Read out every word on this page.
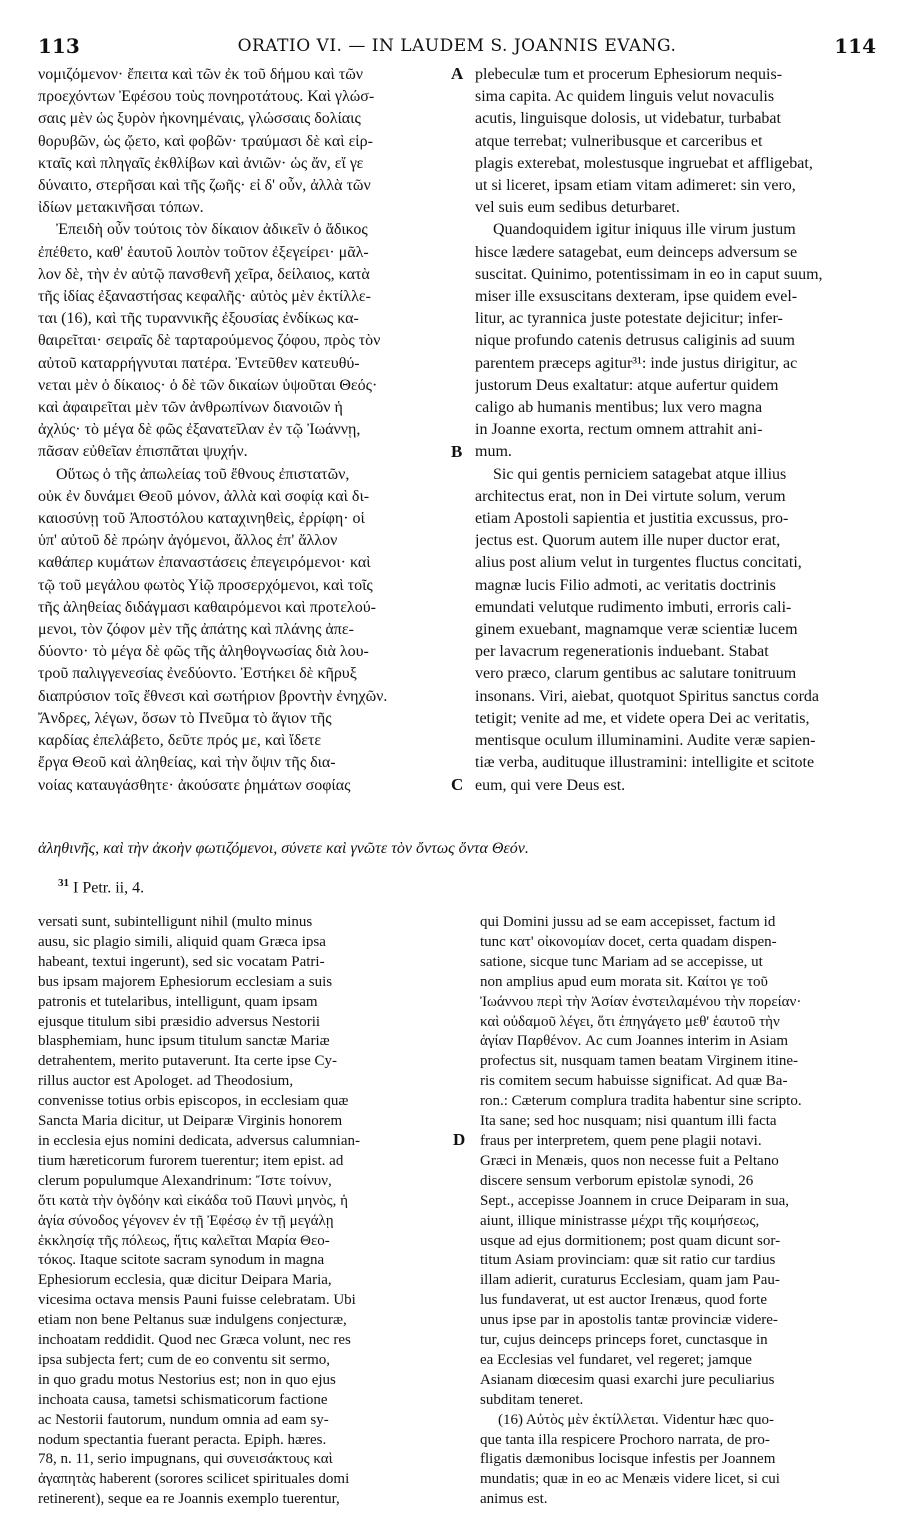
113	ORATIO VI. — IN LAUDEM S. JOANNIS EVANG.	114
νομιζόμενον· ἔπειτα καὶ τῶν ἐκ τοῦ δήμου καὶ τῶν
προεχόντων Ἐφέσου τοὺς πονηροτάτους. Καὶ γλώσ-
σαις μὲν ὡς ξυρὸν ἠκονημέναις, γλώσσαις δολίαις
θορυβῶν, ὡς ᾤετο, καὶ φοβῶν· τραύμασι δὲ καὶ εἱρ-
κταῖς καὶ πληγαῖς ἐκθλίβων καὶ ἀνιῶν· ὡς ἄν, εἴ γε
δύναιτο, στερῆσαι καὶ τῆς ζωῆς· εἰ δ' οὖν, ἀλλὰ τῶν
ἰδίων μετακινῆσαι τόπων.
Ἐπειδὴ οὖν τούτοις τὸν δίκαιον ἀδικεῖν ὁ ἄδικος
ἐπέθετο, καθ' ἑαυτοῦ λοιπὸν τοῦτον ἐξεγείρει· μᾶλ-
λον δὲ, τὴν ἐν αὐτῷ πανσθενῆ χεῖρα, δείλαιος, κατὰ
τῆς ἰδίας ἐξαναστήσας κεφαλῆς· αὐτὸς μὲν ἐκτίλλε-
ται (16), καὶ τῆς τυραννικῆς ἐξουσίας ἐνδίκως κα-
θαιρεῖται· σειραῖς δὲ ταρταρούμενος ζόφου, πρὸς τὸν
αὐτοῦ καταρρήγνυται πατέρα. Ἐντεῦθεν κατευθύ-
νεται μὲν ὁ δίκαιος· ὁ δὲ τῶν δικαίων ὑψοῦται Θεός·
καὶ ἀφαιρεῖται μὲν τῶν ἀνθρωπίνων διανοιῶν ἡ
ἀχλύς· τὸ μέγα δὲ φῶς ἐξανατεῖλαν ἐν τῷ Ἰωάννῃ,
πᾶσαν εὐθεῖαν ἐπισπᾶται ψυχήν.
Οὕτως ὁ τῆς ἀπωλείας τοῦ ἔθνους ἐπιστατῶν,
οὐκ ἐν δυνάμει Θεοῦ μόνον, ἀλλὰ καὶ σοφίᾳ καὶ δι-
καιοσύνῃ τοῦ Ἀποστόλου καταχινηθεὶς, ἐρρίφη· οἱ
ὑπ' αὐτοῦ δὲ πρώην ἀγόμενοι, ἄλλος ἐπ' ἄλλον
καθάπερ κυμάτων ἐπαναστάσεις ἐπεγειρόμενοι· καὶ
τῷ τοῦ μεγάλου φωτὸς Υἱῷ προσερχόμενοι, καὶ τοῖς
τῆς ἀληθείας διδάγμασι καθαιρόμενοι καὶ προτελού-
μενοι, τὸν ζόφον μὲν τῆς ἀπάτης καὶ πλάνης ἀπε-
δύοντο· τὸ μέγα δὲ φῶς τῆς ἀληθογνωσίας διὰ λου-
τροῦ παλιγγενεσίας ἐνεδύοντο. Ἐστήκει δὲ κῆρυξ
διαπρύσιον τοῖς ἔθνεσι καὶ σωτήριον βροντὴν ἐνηχῶν.
Ἄνδρες, λέγων, ὅσων τὸ Πνεῦμα τὸ ἅγιον τῆς
καρδίας ἐπελάβετο, δεῦτε πρός με, καὶ ἴδετε
ἔργα Θεοῦ καὶ ἀληθείας, καὶ τὴν ὄψιν τῆς δια-
νοίας καταυγάσθητε· ἀκούσατε ῥημάτων σοφίας
plebeculæ tum et procerum Ephesiorum nequis-
sima capita. Ac quidem linguis velut novaculis
acutis, linguisque dolosis, ut videbatur, turbabat
atque terrebat; vulneribusque et carceribus et
plagis exterebat, molestusque ingruebat et affligebat,
ut si liceret, ipsam etiam vitam adimeret: sin vero,
vel suis eum sedibus deturbaret.
Quandoquidem igitur iniquus ille virum justum
hisce lædere satagebat, eum deinceps adversum se
suscitat. Quinimo, potentissimam in eo in caput suum,
miser ille exsuscitans dexteram, ipse quidem evel-
litur, ac tyrannica juste potestate dejicitur; infer-
nique profundo catenis detrusus caliginis ad suum
parentem præceps agitur³¹: inde justus dirigitur, ac
justorum Deus exaltatur: atque aufertur quidem
caligo ab humanis mentibus; lux vero magna
in Joanne exorta, rectum omnem attrahit ani-
mum.
Sic qui gentis perniciem satagebat atque illius
architectus erat, non in Dei virtute solum, verum
etiam Apostoli sapientia et justitia excussus, pro-
jectus est. Quorum autem ille nuper ductor erat,
alius post alium velut in turgentes fluctus concitati,
magnæ lucis Filio admoti, ac veritatis doctrinis
emundati velutque rudimento imbuti, erroris cali-
ginem exuebant, magnamque veræ scientiæ lucem
per lavacrum regenerationis induebant. Stabat
vero præco, clarum gentibus ac salutare tonitruum
insonans. Viri, aiebat, quotquot Spiritus sanctus corda
tetigit; venite ad me, et videte opera Dei ac veritatis,
mentisque oculum illuminamini. Audite veræ sapien-
tiæ verba, audituque illustramini: intelligite et scitote
eum, qui vere Deus est.
A
B
C
D
ἀληθινῆς, καὶ τὴν ἀκοὴν φωτιζόμενοι, σύνετε καὶ γνῶτε τὸν ὄντως ὄντα Θεόν.
$^{31}$ I Petr. ii, 4.
versati sunt, subintelligunt nihil (multo minus
ausu, sic plagio simili, aliquid quam Græca ipsa
habeant, textui ingerunt), sed sic vocatam Patri-
bus ipsam majorem Ephesiorum ecclesiam a suis
patronis et tutelaribus, intelligunt, quam ipsam
ejusque titulum sibi præsidio adversus Nestorii
blasphemiam, hunc ipsum titulum sanctæ Mariæ
detrahentem, merito putaverunt. Ita certe ipse Cy-
rillus auctor est Apologet. ad Theodosium,
convenisse totius orbis episcopos, in ecclesiam quæ
Sancta Maria dicitur, ut Deiparæ Virginis honorem
in ecclesia ejus nomini dedicata, adversus calumnian-
tium hæreticorum furorem tuerentur; item epist. ad
clerum populumque Alexandrinum: Ἴστε τοίνυν,
ὅτι κατὰ τὴν ὀγδόην καὶ εἰκάδα τοῦ Παυνὶ μηνὸς, ἡ
ἁγία σύνοδος γέγονεν ἐν τῇ Ἐφέσῳ ἐν τῇ μεγάλῃ
ἐκκλησίᾳ τῆς πόλεως, ἥτις καλεῖται Μαρία Θεο-
τόκος. Itaque scitote sacram synodum in magna
Ephesiorum ecclesia, quæ dicitur Deipara Maria,
vicesima octava mensis Pauni fuisse celebratam. Ubi
etiam non bene Peltanus suæ indulgens conjecturæ,
inchoatam reddidit. Quod nec Græca volunt, nec res
ipsa subjecta fert; cum de eo conventu sit sermo,
in quo gradu motus Nestorius est; non in quo ejus
inchoata causa, tametsi schismaticorum factione
ac Nestorii fautorum, nundum omnia ad eam sy-
nodum spectantia fuerant peracta. Epiph. hæres.
78, n. 11, serio impugnans, qui συνεισάκτους καὶ
ἀγαπητὰς haberent (sorores scilicet spirituales domi
retinerent), seque ea re Joannis exemplo tuerentur,
qui Domini jussu ad se eam accepisset, factum id
tunc κατ' οἰκονομίαν docet, certa quadam dispen-
satione, sicque tunc Mariam ad se accepisse, ut
non amplius apud eum morata sit. Καίτοι γε τοῦ
Ἰωάννου περὶ τὴν Ἀσίαν ἐνστειλαμένου τὴν πορείαν·
καὶ οὐδαμοῦ λέγει, ὅτι ἐπηγάγετο μεθ' ἑαυτοῦ τὴν
ἁγίαν Παρθένον. Ac cum Joannes interim in Asiam
profectus sit, nusquam tamen beatam Virginem itine-
ris comitem secum habuisse significat. Ad quæ Ba-
ron.: Cæterum complura tradita habentur sine scripto.
Ita sane; sed hoc nusquam; nisi quantum illi facta
fraus per interpretem, quem pene plagii notavi.
Græci in Menæis, quos non necesse fuit a Peltano
discere sensum verborum epistolæ synodi, 26
Sept., accepisse Joannem in cruce Deiparam in sua,
aiunt, illique ministrasse μέχρι τῆς κοιμήσεως,
usque ad ejus dormitionem; post quam dicunt sor-
titum Asiam provinciam: quæ sit ratio cur tardius
illam adierit, curaturus Ecclesiam, quam jam Pau-
lus fundaverat, ut est auctor Irenæus, quod forte
unus ipse par in apostolis tantæ provinciæ videre-
tur, cujus deinceps princeps foret, cunctasque in
ea Ecclesias vel fundaret, vel regeret; jamque
Asianam diœcesim quasi exarchi jure peculiarius
subditam teneret.
(16) Αὐτὸς μὲν ἐκτίλλεται. Videntur hæc quo-
que tanta illa respicere Prochoro narrata, de pro-
fligatis dæmonibus locisque infestis per Joannem
mundatis; quæ in eo ac Menæis videre licet, si cui
animus est.
